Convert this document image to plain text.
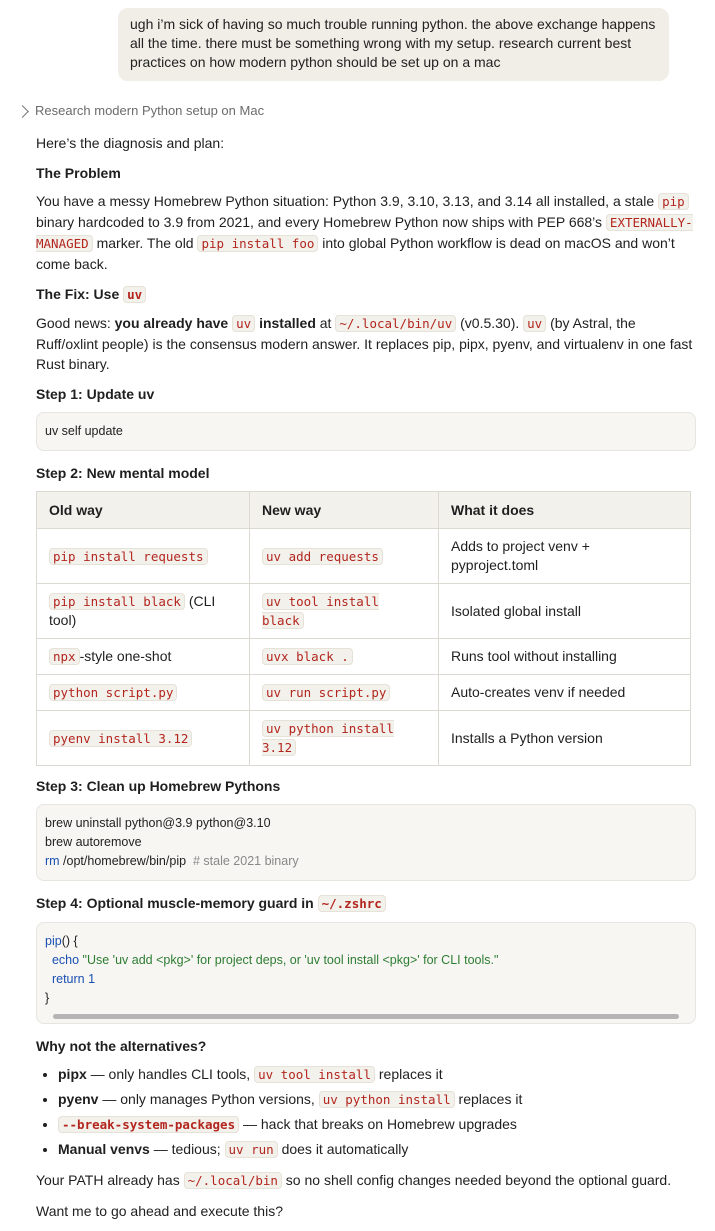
ugh i’m sick of having so much trouble running python. the above exchange happens all the time. there must be something wrong with my setup. research current best practices on how modern python should be set up on a mac
Research modern Python setup on Mac

Here’s the diagnosis and plan:

The Problem

You have a messy Homebrew Python situation: Python 3.9, 3.10, 3.13, and 3.14 all installed, a stale pip binary hardcoded to 3.9 from 2021, and every Homebrew Python now ships with PEP 668’s EXTERNALLY-MANAGED marker. The old pip install foo into global Python workflow is dead on macOS and won’t come back.

The Fix: Use uv

Good news: you already have uv installed at ~/.local/bin/uv (v0.5.30). uv (by Astral, the Ruff/oxlint people) is the consensus modern answer. It replaces pip, pipx, pyenv, and virtualenv in one fast Rust binary.

Step 1: Update uv

uv self update

Step 2: New mental model

Old way	New way	What it does
pip install requests	uv add requests	Adds to project venv + pyproject.toml
pip install black (CLI tool)	uv tool install black	Isolated global install
npx -style one-shot	uvx black .	Runs tool without installing
python script.py	uv run script.py	Auto-creates venv if needed
pyenv install 3.12	uv python install 3.12	Installs a Python version

Step 3: Clean up Homebrew Pythons

brew uninstall python@3.9 python@3.10
brew autoremove
rm /opt/homebrew/bin/pip  # stale 2021 binary

Step 4: Optional muscle-memory guard in ~/.zshrc

pip() {
echo "Use 'uv add <pkg>' for project deps, or 'uv tool install <pkg>' for CLI tools."
return 1
}

Why not the alternatives?

• pipx — only handles CLI tools, uv tool install replaces it
• pyenv — only manages Python versions, uv python install replaces it
• --break-system-packages — hack that breaks on Homebrew upgrades
• Manual venvs — tedious; uv run does it automatically

Your PATH already has ~/.local/bin so no shell config changes needed beyond the optional guard.

Want me to go ahead and execute this?
